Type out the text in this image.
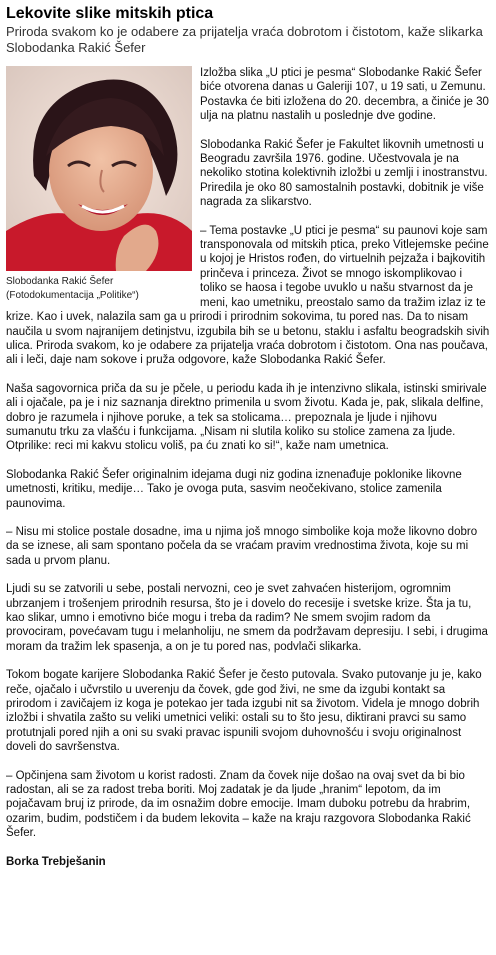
Lekovite slike mitskih ptica
Priroda svakom ko je odabere za prijatelja vraća dobrotom i čistotom, kaže slikarka Slobodanka Rakić Šefer
Slobodanka Rakić Šefer
(Fotodokumentacija „Politike“)

Izložba slika „U ptici je pesma“ Slobodanke Rakić Šefer biće otvorena danas u Galeriji 107, u 19 sati, u Zemunu. Postavka će biti izložena do 20. decembra, a činiće je 30 ulja na platnu nastalih u poslednje dve godine.

Slobodanka Rakić Šefer je Fakultet likovnih umetnosti u Beogradu završila 1976. godine. Učestvovala je na nekoliko stotina kolektivnih izložbi u zemlji i inostranstvu. Priredila je oko 80 samostalnih postavki, dobitnik je više nagrada za slikarstvo.

– Tema postavke „U ptici je pesma“ su paunovi koje sam transponovala od mitskih ptica, preko Vitlejemske pećine u kojoj je Hristos rođen, do virtuelnih pejzaža i bajkovitih prinčeva i princeza. Život se mnogo iskomplikovao i toliko se haosa i tegobe uvuklo u našu stvarnost da je meni, kao umetniku, preostalo samo da tražim izlaz iz te krize. Kao i uvek, nalazila sam ga u prirodi i prirodnim sokovima, tu pored nas. Da to nisam naučila u svom najranijem detinjstvu, izgubila bih se u betonu, staklu i asfaltu beogradskih sivih ulica. Priroda svakom, ko je odabere za prijatelja vraća dobrotom i čistotom. Ona nas poučava, ali i leči, daje nam sokove i pruža odgovore, kaže Slobodanka Rakić Šefer.

Naša sagovornica priča da su je pčele, u periodu kada ih je intenzivno slikala, istinski smirivale ali i ojačale, pa je i niz saznanja direktno primenila u svom životu. Kada je, pak, slikala delfine, dobro je razumela i njihove poruke, a tek sa stolicama… prepoznala je ljude i njihovu sumanutu trku za vlašću i funkcijama. „Nisam ni slutila koliko su stolice zamena za ljude. Otprilike: reci mi kakvu stolicu voliš, pa ću znati ko si!“, kaže nam umetnica.

Slobodanka Rakić Šefer originalnim idejama dugi niz godina iznenađuje poklonike likovne umetnosti, kritiku, medije… Tako je ovoga puta, sasvim neočekivano, stolice zamenila paunovima.

– Nisu mi stolice postale dosadne, ima u njima još mnogo simbolike koja može likovno dobro da se iznese, ali sam spontano počela da se vraćam pravim vrednostima života, koje su mi sada u prvom planu.

Ljudi su se zatvorili u sebe, postali nervozni, ceo je svet zahvaćen histerijom, ogromnim ubrzanjem i trošenjem prirodnih resursa, što je i dovelo do recesije i svetske krize. Šta ja tu, kao slikar, umno i emotivno biće mogu i treba da radim? Ne smem svojim radom da provociram, povećavam tugu i melanholiju, ne smem da podržavam depresiju. I sebi, i drugima moram da tražim lek spasenja, a on je tu pored nas, podvlači slikarka.

Tokom bogate karijere Slobodanka Rakić Šefer je često putovala. Svako putovanje ju je, kako reče, ojačalo i učvrstilo u uverenju da čovek, gde god živi, ne sme da izgubi kontakt sa prirodom i zavičajem iz koga je potekao jer tada izgubi nit sa životom. Videla je mnogo dobrih izložbi i shvatila zašto su veliki umetnici veliki: ostali su to što jesu, diktirani pravci su samo protutnjali pored njih a oni su svaki pravac ispunili svojom duhovnošću i svoju originalnost doveli do savršenstva.

– Opčinjena sam životom u korist radosti. Znam da čovek nije došao na ovaj svet da bi bio radostan, ali se za radost treba boriti. Moj zadatak je da ljude „hranim“ lepotom, da im pojačavam bruj iz prirode, da im osnažim dobre emocije. Imam duboku potrebu da hrabrim, ozarim, budim, podstičem i da budem lekovita – kaže na kraju razgovora Slobodanka Rakić Šefer.

Borka Trebješanin
